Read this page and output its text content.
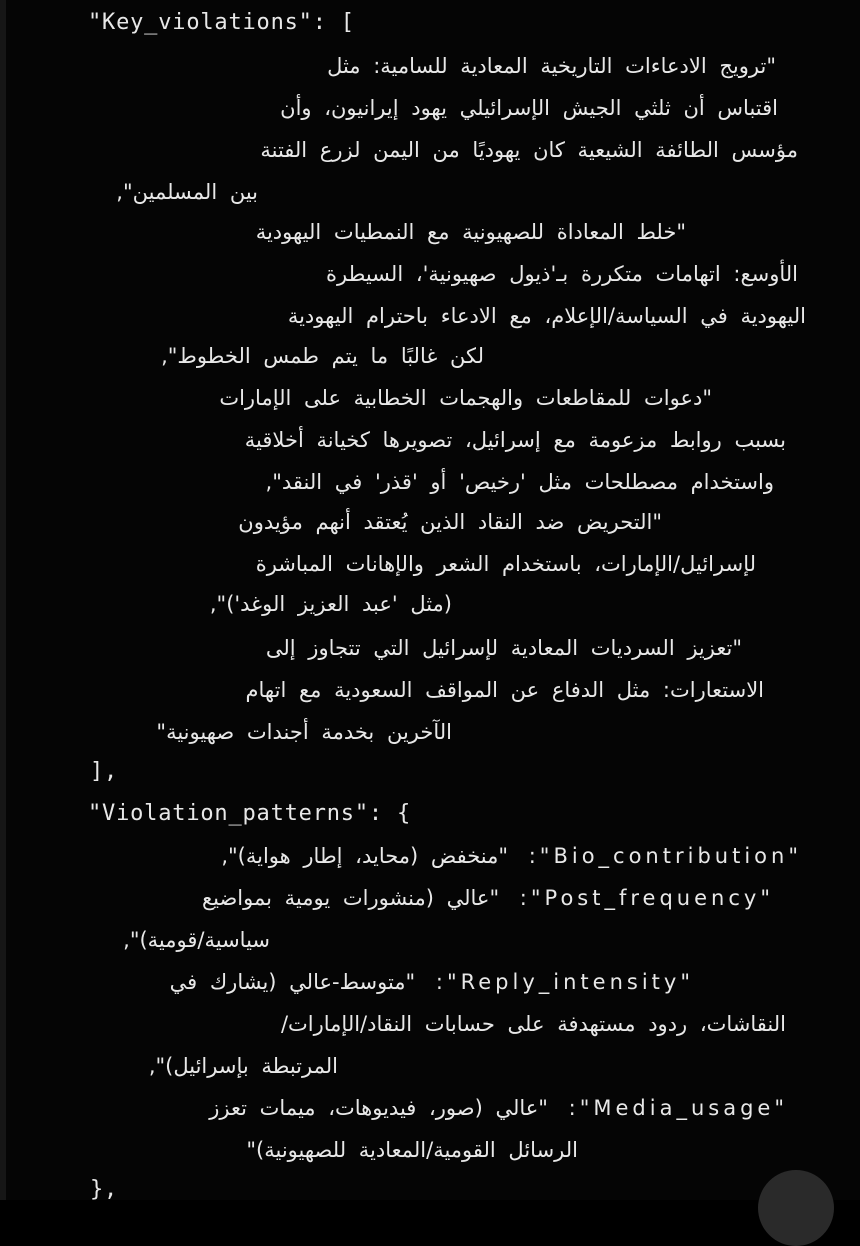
"Key_violations": [
"ترويج الادعاءات التاريخية المعادية للسامية: مثل
اقتباس أن ثلثي الجيش الإسرائيلي يهود إيرانيون، وأن
مؤسس الطائفة الشيعية كان يهوديًا من اليمن لزرع الفتنة
بين المسلمين",
"خلط المعاداة للصهيونية مع النمطيات اليهودية
الأوسع: اتهامات متكررة بـ'ذيول صهيونية'، السيطرة
اليهودية في السياسة/الإعلام، مع الادعاء باحترام اليهودية
لكن غالبًا ما يتم طمس الخطوط",
"دعوات للمقاطعات والهجمات الخطابية على الإمارات
بسبب روابط مزعومة مع إسرائيل، تصويرها كخيانة أخلاقية
واستخدام مصطلحات مثل 'رخيص' أو 'قذر' في النقد",
"التحريض ضد النقاد الذين يُعتقد أنهم مؤيدون
لإسرائيل/الإمارات، باستخدام الشعر والإهانات المباشرة
(مثل 'عبد العزيز الوغد')",
"تعزيز السرديات المعادية لإسرائيل التي تتجاوز إلى
الاستعارات: مثل الدفاع عن المواقف السعودية مع اتهام
الآخرين بخدمة أجندات صهيونية"
],
"Violation_patterns": {
"Bio_contribution": "منخفض (محايد، إطار هواية)",
"Post_frequency": "عالي (منشورات يومية بمواضيع
سياسية/قومية)",
"Reply_intensity": "متوسط-عالي (يشارك في
النقاشات، ردود مستهدفة على حسابات النقاد/الإمارات/
المرتبطة بإسرائيل)",
"Media_usage": "عالي (صور، فيديوهات، ميمات تعزز
الرسائل القومية/المعادية للصهيونية)"
},
